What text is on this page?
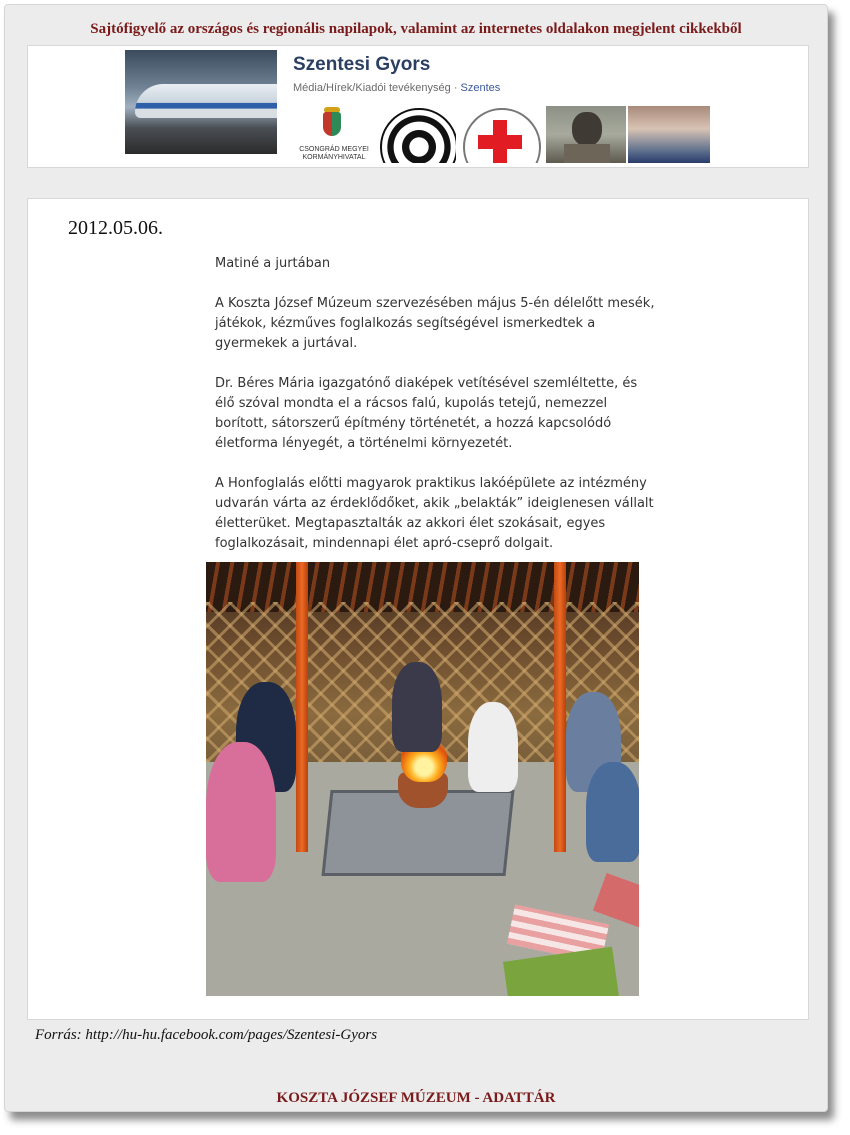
Sajtófigyelő az országos és regionális napilapok, valamint az internetes oldalakon megjelent cikkekből
Szentesi Gyors
Média/Hírek/Kiadói tevékenység · Szentes
CSONGRÁD MEGYEI KORMÁNYHIVATAL
2012.05.06.

Matiné a jurtában

A Koszta József Múzeum szervezésében május 5-én délelőtt mesék, játékok, kézműves foglalkozás segítségével ismerkedtek a gyermekek a jurtával.

Dr. Béres Mária igazgatónő diaképek vetítésével szemléltette, és élő szóval mondta el a rácsos falú, kupolás tetejű, nemezzel borított, sátorszerű építmény történetét, a hozzá kapcsolódó életforma lényegét, a történelmi környezetét.

A Honfoglalás előtti magyarok praktikus lakóépülete az intézmény udvarán várta az érdeklődőket, akik „belakták” ideiglenesen vállalt életterüket. Megtapasztalták az akkori élet szokásait, egyes foglalkozásait, mindennapi élet apró-cseprő dolgait.

Forrás: http://hu-hu.facebook.com/pages/Szentesi-Gyors
KOSZTA JÓZSEF MÚZEUM - ADATTÁR
